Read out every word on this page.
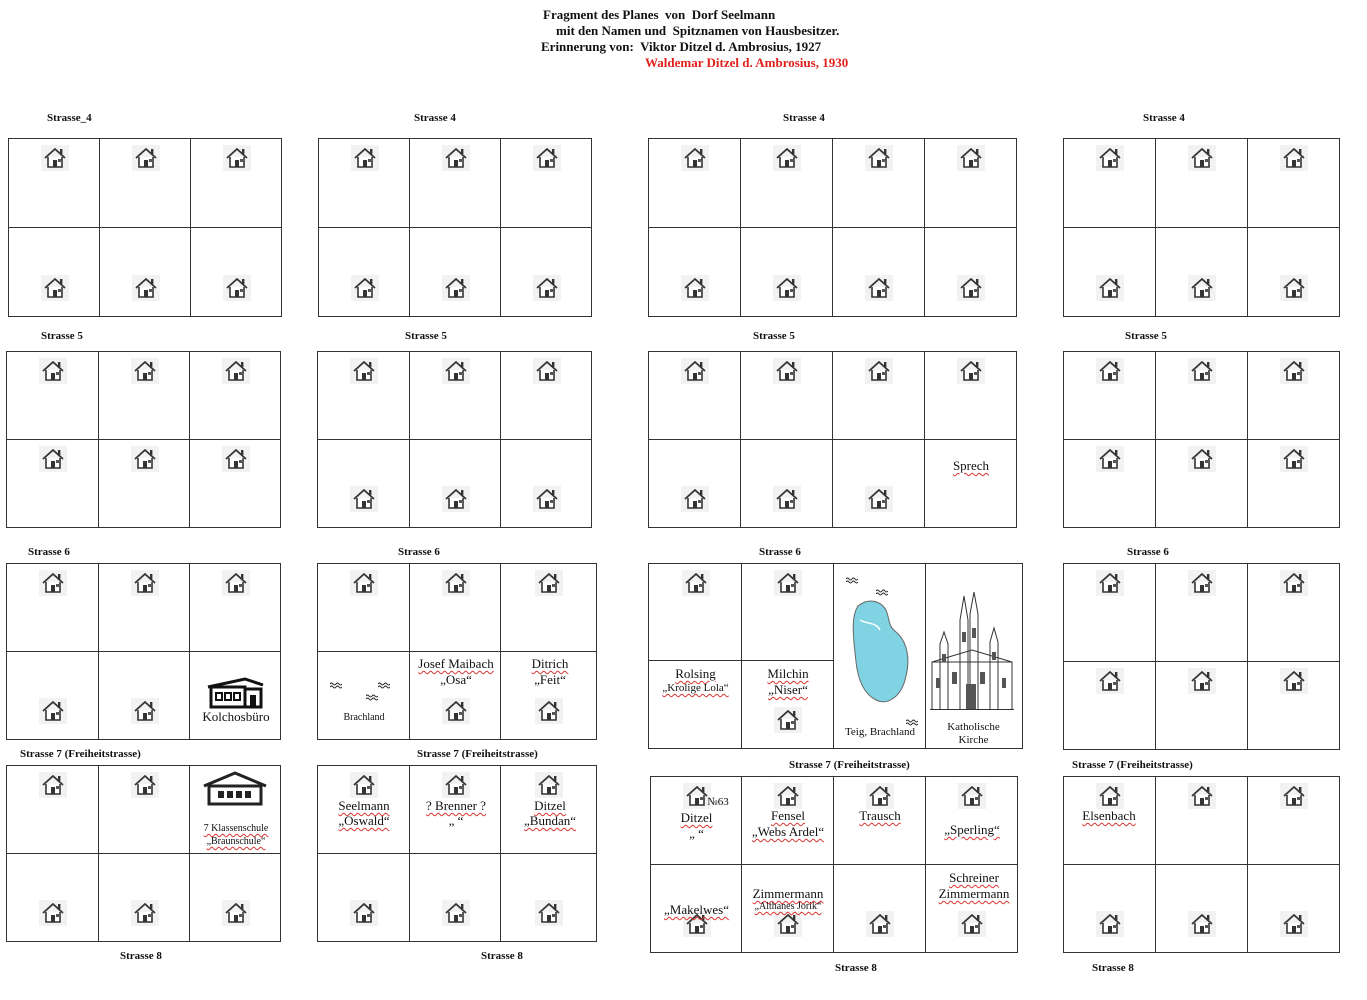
Fragment des Planes  von  Dorf Seelmann
mit den Namen und  Spitznamen von Hausbesitzer.
Erinnerung von:  Viktor Ditzel d. Ambrosius, 1927
Waldemar Ditzel d. Ambrosius, 1930
Strasse_4	Strasse 4	Strasse 4	Strasse 4
Strasse 5	Strasse 5	Strasse 5	Strasse 5
Strasse 6	Strasse 6	Strasse 6	Strasse 6
Strasse 7 (Freiheitstrasse)	Strasse 7 (Freiheitstrasse)
Strasse 7 (Freiheitstrasse)	Strasse 7 (Freiheitstrasse)
Strasse 8	Strasse 8
Strasse 8	Strasse 8
Kolchosbüro	Brachland
Josef Maibach
„Osa“
Ditrich
„Feit“
Sprech
Rolsing
„Krolige Lola“
Milchin
„Niser“
Teig, Brachland	Katholische
Kirche
7 Klassenschule
„Braunschule“
Seelmann
„Oswald“
? Brenner ?
„ “
Ditzel
„Bundan“
№63
Ditzel
„ “
Fensel
„Webs Ardel“
Trausch
„Sperling“
„Makelwes“
Zimmermann
„Althanes Jorik“
Schreiner
Zimmermann
Elsenbach
